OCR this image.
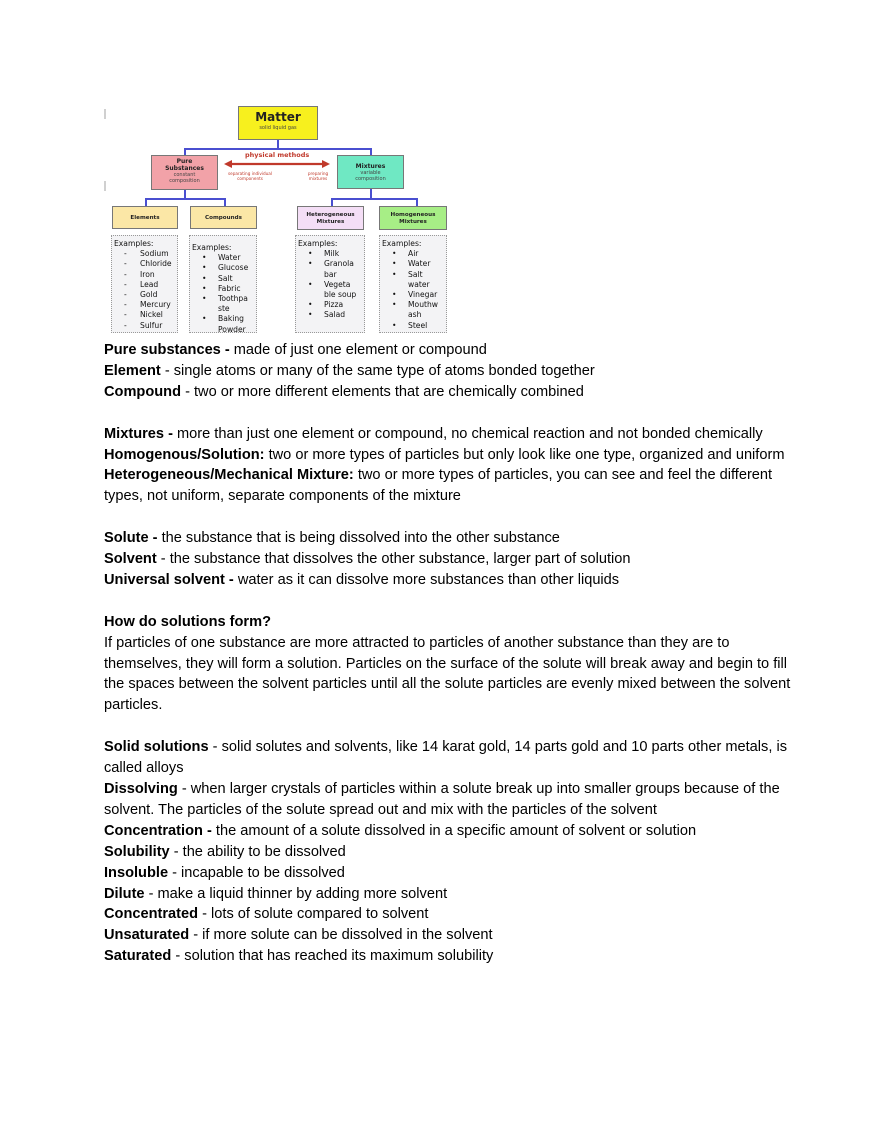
Matter
solid liquid gas
Pure Substances
constant composition
physical methods
separating individual components
preparing mixtures
Mixtures
variable composition
Elements	Compounds	Heterogeneous Mixtures
Homogeneous Mixtures
Examples:
- Sodium
- Chloride
- Iron
- Lead
- Gold
- Mercury
- Nickel
- Sulfur
Examples:
• Water
• Glucose
• Salt
• Fabric
• Toothpa ste
• Baking Powder
Examples:
• Milk
• Granola bar
• Vegeta ble soup
• Pizza
• Salad
Examples:
• Air
• Water
• Salt water
• Vinegar
• Mouthw ash
• Steel

Pure substances - made of just one element or compound

Element - single atoms or many of the same type of atoms bonded together

Compound - two or more different elements that are chemically combined

Mixtures - more than just one element or compound, no chemical reaction and not bonded chemically

Homogenous/Solution: two or more types of particles but only look like one type, organized and uniform

Heterogeneous/Mechanical Mixture: two or more types of particles, you can see and feel the different types, not uniform, separate components of the mixture

Solute - the substance that is being dissolved into the other substance

Solvent - the substance that dissolves the other substance, larger part of solution

Universal solvent - water as it can dissolve more substances than other liquids

How do solutions form?

If particles of one substance are more attracted to particles of another substance than they are to themselves, they will form a solution. Particles on the surface of the solute will break away and begin to fill the spaces between the solvent particles until all the solute particles are evenly mixed between the solvent particles.

Solid solutions - solid solutes and solvents, like 14 karat gold, 14 parts gold and 10 parts other metals, is called alloys

Dissolving - when larger crystals of particles within a solute break up into smaller groups because of the solvent. The particles of the solute spread out and mix with the particles of the solvent

Concentration - the amount of a solute dissolved in a specific amount of solvent or solution

Solubility - the ability to be dissolved

Insoluble - incapable to be dissolved

Dilute - make a liquid thinner by adding more solvent

Concentrated - lots of solute compared to solvent

Unsaturated - if more solute can be dissolved in the solvent

Saturated - solution that has reached its maximum solubility
